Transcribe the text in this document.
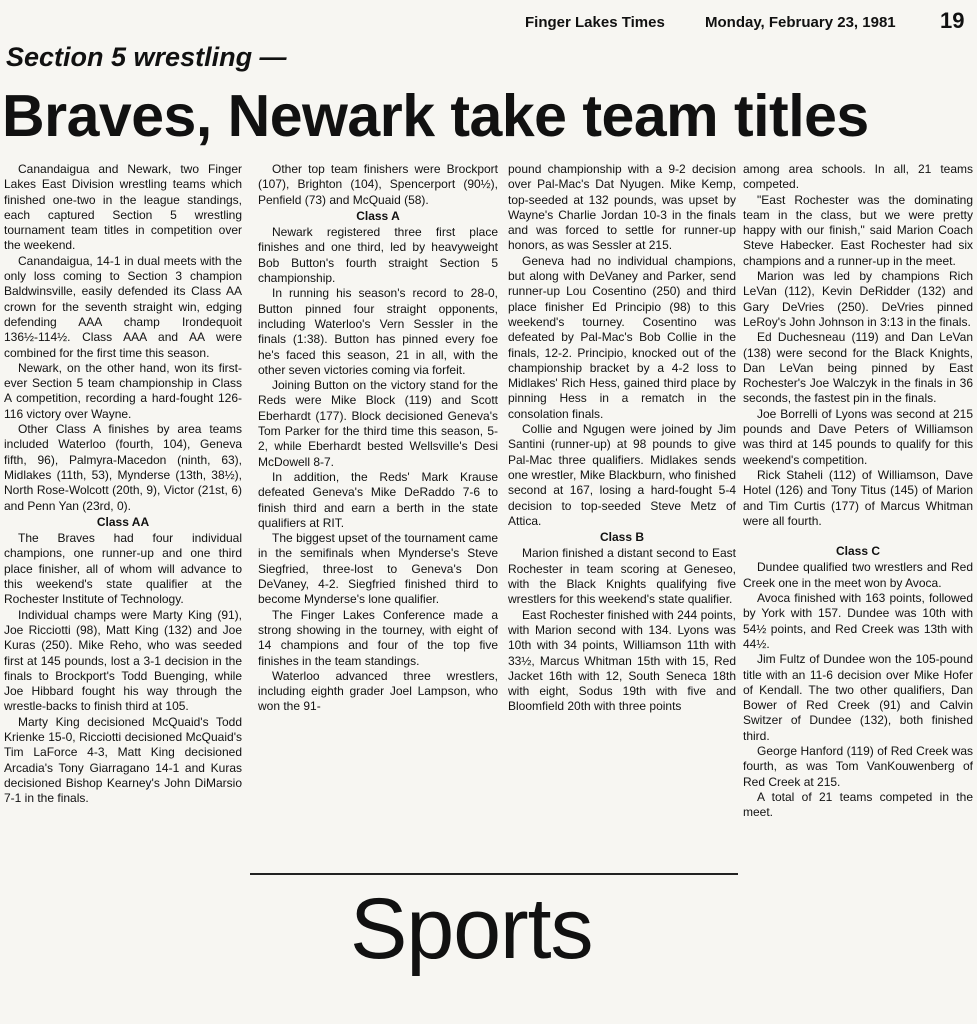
Finger Lakes Times	Monday, February 23, 1981 19
Section 5 wrestling —
Braves, Newark take team titles

Canandaigua and Newark, two Finger Lakes East Division wrestling teams which finished one-two in the league standings, each captured Section 5 wrestling tournament team titles in competition over the weekend.

Canandaigua, 14-1 in dual meets with the only loss coming to Section 3 champion Baldwinsville, easily defended its Class AA crown for the seventh straight win, edging defending AAA champ Irondequoit 136½-114½. Class AAA and AA were combined for the first time this season.

Newark, on the other hand, won its first-ever Section 5 team championship in Class A competition, recording a hard-fought 126-116 victory over Wayne.

Other Class A finishes by area teams included Waterloo (fourth, 104), Geneva fifth, 96), Palmyra-Macedon (ninth, 63), Midlakes (11th, 53), Mynderse (13th, 38½), North Rose-Wolcott (20th, 9), Victor (21st, 6) and Penn Yan (23rd, 0).

Class AA

The Braves had four individual champions, one runner-up and one third place finisher, all of whom will advance to this weekend's state qualifier at the Rochester Institute of Technology.

Individual champs were Marty King (91), Joe Ricciotti (98), Matt King (132) and Joe Kuras (250). Mike Reho, who was seeded first at 145 pounds, lost a 3-1 decision in the finals to Brockport's Todd Buenging, while Joe Hibbard fought his way through the wrestle-backs to finish third at 105.

Marty King decisioned McQuaid's Todd Krienke 15-0, Ricciotti decisioned McQuaid's Tim LaForce 4-3, Matt King decisioned Arcadia's Tony Giarragano 14-1 and Kuras decisioned Bishop Kearney's John DiMarsio 7-1 in the finals.

Other top team finishers were Brockport (107), Brighton (104), Spencerport (90½), Penfield (73) and McQuaid (58).

Class A

Newark registered three first place finishes and one third, led by heavyweight Bob Button's fourth straight Section 5 championship.

In running his season's record to 28-0, Button pinned four straight opponents, including Waterloo's Vern Sessler in the finals (1:38). Button has pinned every foe he's faced this season, 21 in all, with the other seven victories coming via forfeit.

Joining Button on the victory stand for the Reds were Mike Block (119) and Scott Eberhardt (177). Block decisioned Geneva's Tom Parker for the third time this season, 5-2, while Eberhardt bested Wellsville's Desi McDowell 8-7.

In addition, the Reds' Mark Krause defeated Geneva's Mike DeRaddo 7-6 to finish third and earn a berth in the state qualifiers at RIT.

The biggest upset of the tournament came in the semifinals when Mynderse's Steve Siegfried, three-lost to Geneva's Don DeVaney, 4-2. Siegfried finished third to become Mynderse's lone qualifier.

The Finger Lakes Conference made a strong showing in the tourney, with eight of 14 champions and four of the top five finishes in the team standings.

Waterloo advanced three wrestlers, including eighth grader Joel Lampson, who won the 91-

pound championship with a 9-2 decision over Pal-Mac's Dat Nyugen. Mike Kemp, top-seeded at 132 pounds, was upset by Wayne's Charlie Jordan 10-3 in the finals and was forced to settle for runner-up honors, as was Sessler at 215.

Geneva had no individual champions, but along with DeVaney and Parker, send runner-up Lou Cosentino (250) and third place finisher Ed Principio (98) to this weekend's tourney. Cosentino was defeated by Pal-Mac's Bob Collie in the finals, 12-2. Principio, knocked out of the championship bracket by a 4-2 loss to Midlakes' Rich Hess, gained third place by pinning Hess in a rematch in the consolation finals.

Collie and Ngugen were joined by Jim Santini (runner-up) at 98 pounds to give Pal-Mac three qualifiers. Midlakes sends one wrestler, Mike Blackburn, who finished second at 167, losing a hard-fought 5-4 decision to top-seeded Steve Metz of Attica.

Class B

Marion finished a distant second to East Rochester in team scoring at Geneseo, with the Black Knights qualifying five wrestlers for this weekend's state qualifier.

East Rochester finished with 244 points, with Marion second with 134. Lyons was 10th with 34 points, Williamson 11th with 33½, Marcus Whitman 15th with 15, Red Jacket 16th with 12, South Seneca 18th with eight, Sodus 19th with five and Bloomfield 20th with three points

among area schools. In all, 21 teams competed.

"East Rochester was the dominating team in the class, but we were pretty happy with our finish," said Marion Coach Steve Habecker. East Rochester had six champions and a runner-up in the meet.

Marion was led by champions Rich LeVan (112), Kevin DeRidder (132) and Gary DeVries (250). DeVries pinned LeRoy's John Johnson in 3:13 in the finals.

Ed Duchesneau (119) and Dan LeVan (138) were second for the Black Knights, Dan LeVan being pinned by East Rochester's Joe Walczyk in the finals in 36 seconds, the fastest pin in the finals.

Joe Borrelli of Lyons was second at 215 pounds and Dave Peters of Williamson was third at 145 pounds to qualify for this weekend's competition.

Rick Staheli (112) of Williamson, Dave Hotel (126) and Tony Titus (145) of Marion and Tim Curtis (177) of Marcus Whitman were all fourth.

Class C

Dundee qualified two wrestlers and Red Creek one in the meet won by Avoca.

Avoca finished with 163 points, followed by York with 157. Dundee was 10th with 54½ points, and Red Creek was 13th with 44½.

Jim Fultz of Dundee won the 105-pound title with an 11-6 decision over Mike Hofer of Kendall. The two other qualifiers, Dan Bower of Red Creek (91) and Calvin Switzer of Dundee (132), both finished third.

George Hanford (119) of Red Creek was fourth, as was Tom VanKouwenberg of Red Creek at 215.

A total of 21 teams competed in the meet.

Sports
